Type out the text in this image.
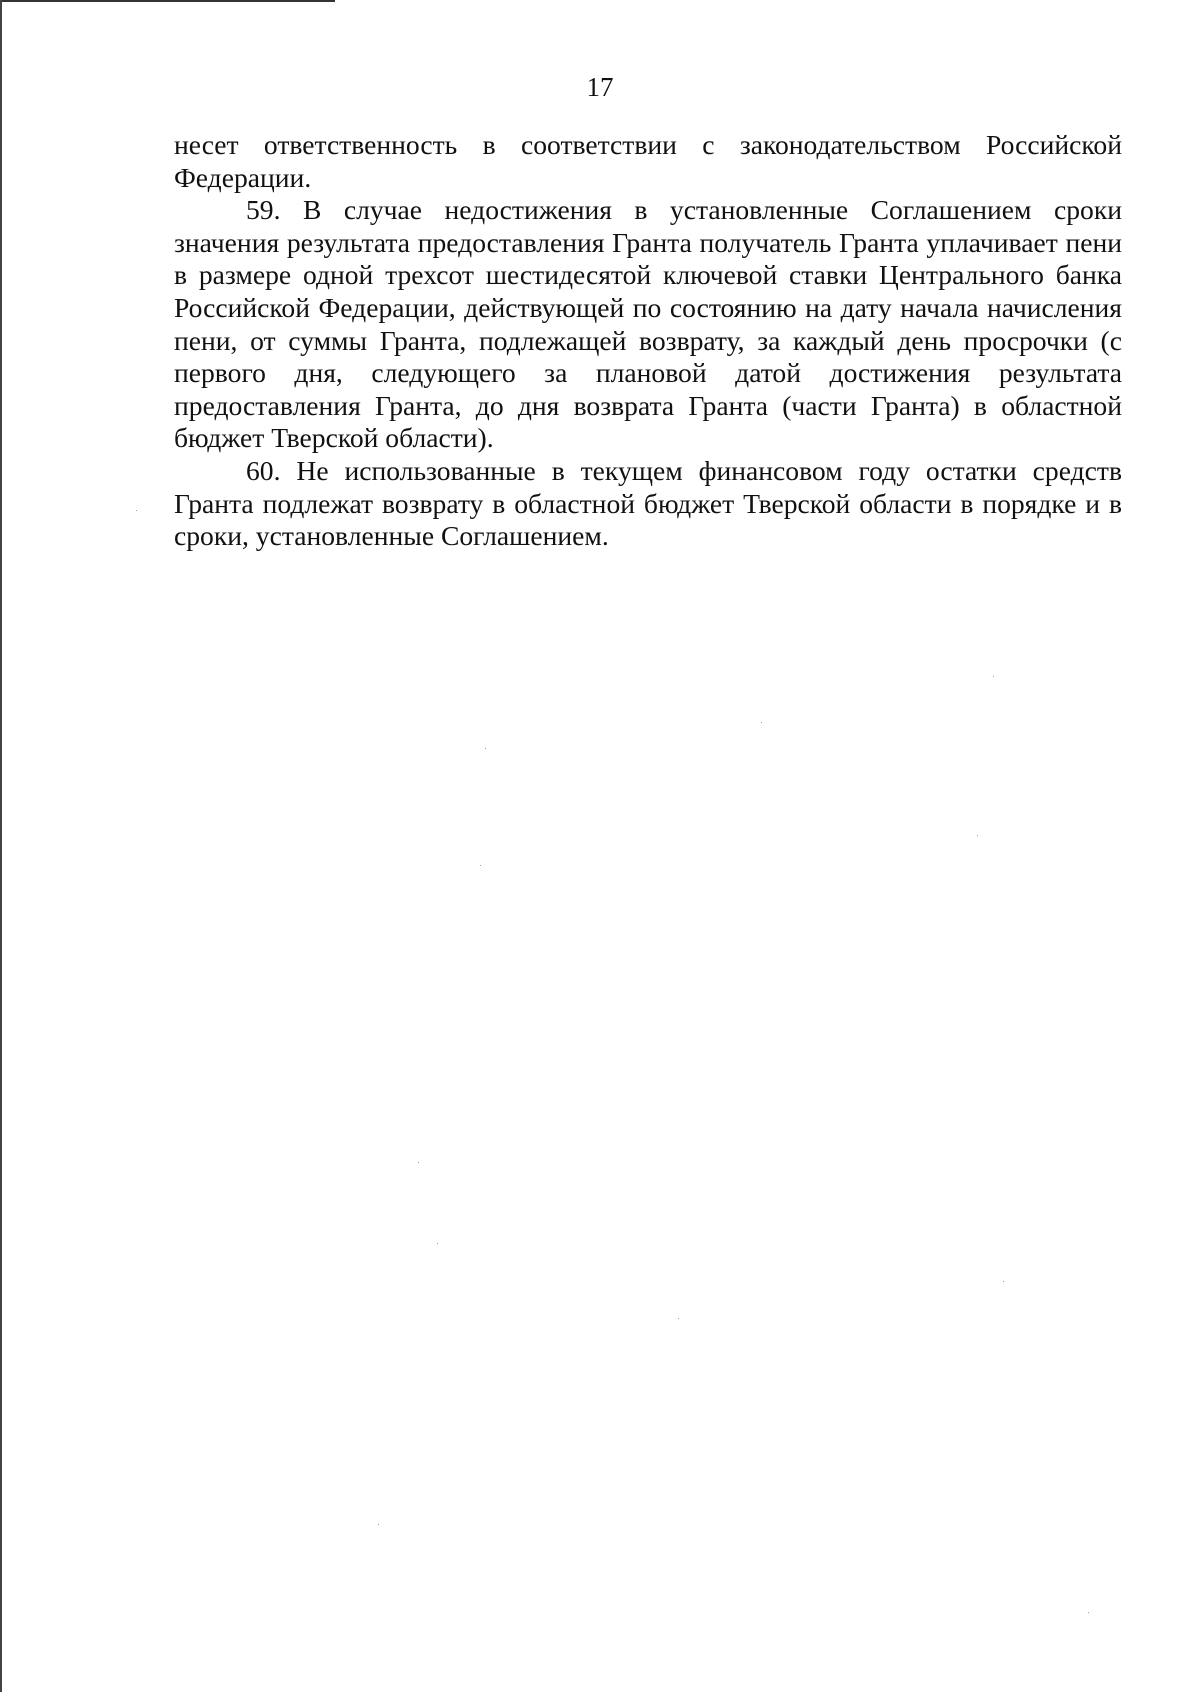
17

несет ответственность в соответствии с законодательством Российской Федерации.

59. В случае недостижения в установленные Соглашением сроки значения результата предоставления Гранта получатель Гранта уплачивает пени в размере одной трехсот шестидесятой ключевой ставки Центрального банка Российской Федерации, действующей по состоянию на дату начала начисления пени, от суммы Гранта, подлежащей возврату, за каждый день просрочки (с первого дня, следующего за плановой датой достижения результата предоставления Гранта, до дня возврата Гранта (части Гранта) в областной бюджет Тверской области).

60. Не использованные в текущем финансовом году остатки средств Гранта подлежат возврату в областной бюджет Тверской области в порядке и в сроки, установленные Соглашением.
